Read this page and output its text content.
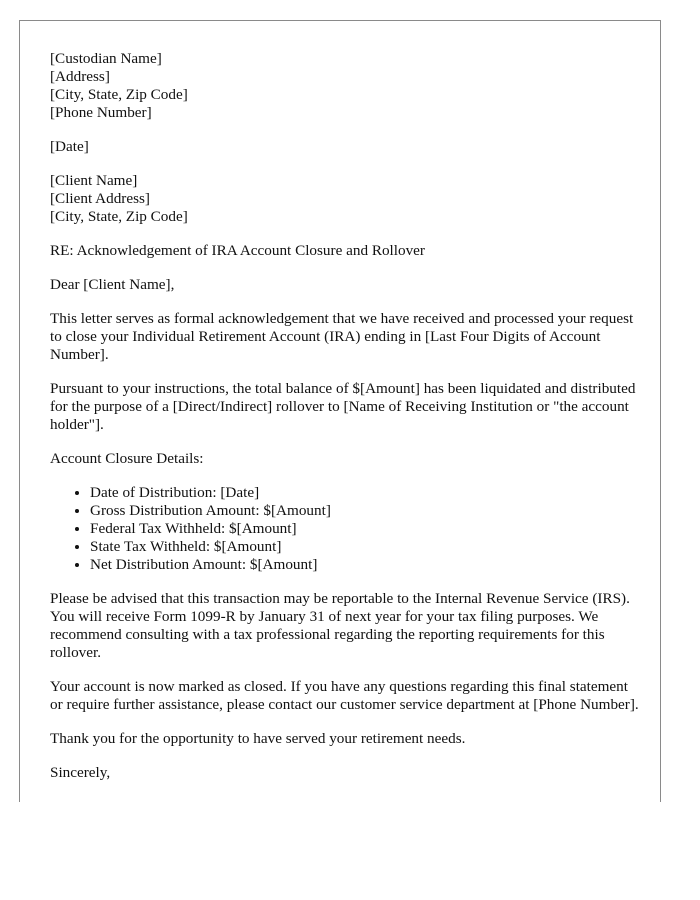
[Custodian Name]
[Address]
[City, State, Zip Code]
[Phone Number]

[Date]

[Client Name]
[Client Address]
[City, State, Zip Code]

RE: Acknowledgement of IRA Account Closure and Rollover

Dear [Client Name],

This letter serves as formal acknowledgement that we have received and processed your request to close your Individual Retirement Account (IRA) ending in [Last Four Digits of Account Number].

Pursuant to your instructions, the total balance of $[Amount] has been liquidated and distributed for the purpose of a [Direct/Indirect] rollover to [Name of Receiving Institution or "the account holder"].

Account Closure Details:

• Date of Distribution: [Date]
• Gross Distribution Amount: $[Amount]
• Federal Tax Withheld: $[Amount]
• State Tax Withheld: $[Amount]
• Net Distribution Amount: $[Amount]

Please be advised that this transaction may be reportable to the Internal Revenue Service (IRS). You will receive Form 1099-R by January 31 of next year for your tax filing purposes. We recommend consulting with a tax professional regarding the reporting requirements for this rollover.

Your account is now marked as closed. If you have any questions regarding this final statement or require further assistance, please contact our customer service department at [Phone Number].

Thank you for the opportunity to have served your retirement needs.

Sincerely,
